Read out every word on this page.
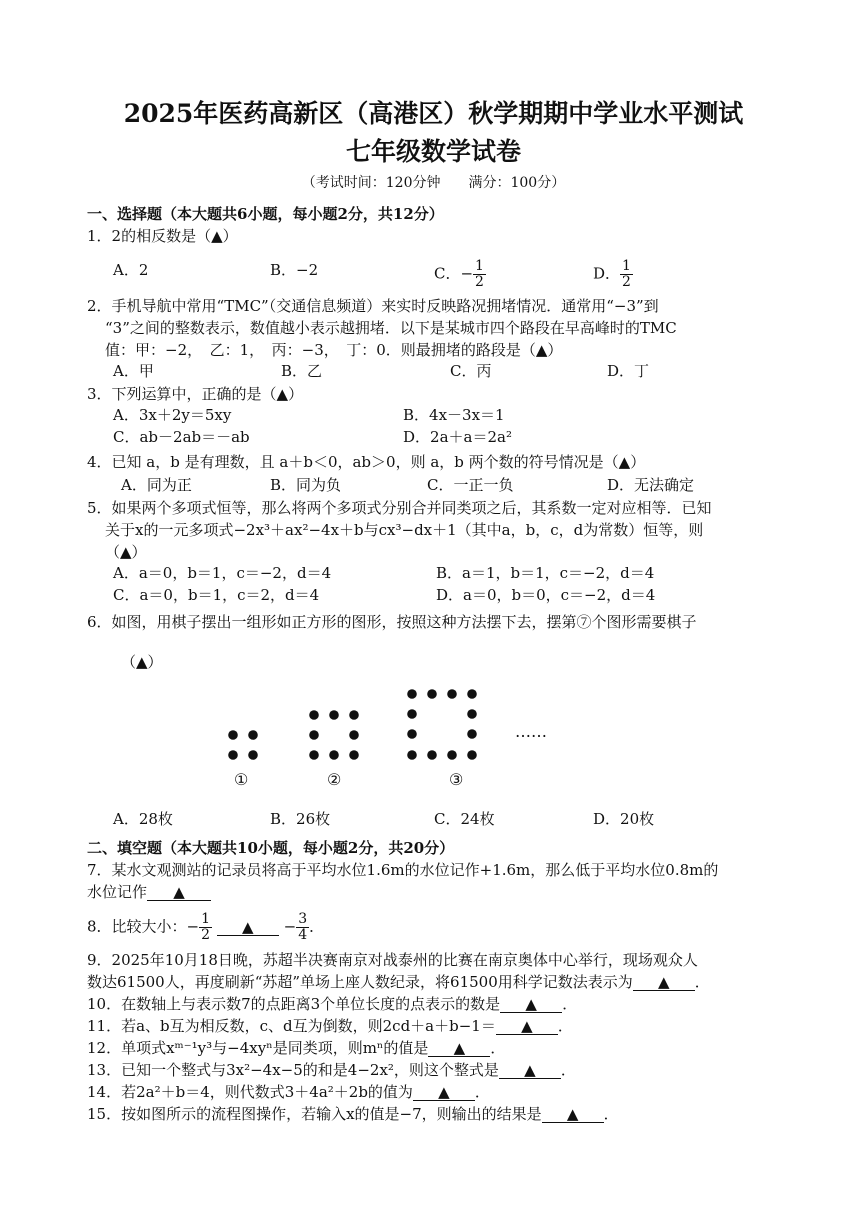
2025年医药高新区（高港区）秋学期期中学业水平测试
七年级数学试卷
（考试时间：120分钟　　满分：100分）
一、选择题（本大题共6小题，每小题2分，共12分）
1．2的相反数是（▲）
A．2	B．−2	C．− $\frac{1}{2}$	D． $\frac{1}{2}$
2．手机导航中常用“TMC”（交通信息频道）来实时反映路况拥堵情况．通常用“−3”到
“3”之间的整数表示，数值越小表示越拥堵．以下是某城市四个路段在早高峰时的TMC
值：甲：−2，　乙：1，　丙：−3，　丁：0．则最拥堵的路段是（▲）
A．甲	B．乙	C．丙	D．丁
3．下列运算中，正确的是（▲）
A．3x＋2y＝5xy	B．4x－3x＝1
C．ab－2ab＝－ab	D．2a＋a＝2a²
4．已知 a，b 是有理数，且 a＋b＜0，ab＞0，则 a，b 两个数的符号情况是（▲）
A．同为正	B．同为负	C．一正一负	D．无法确定
5．如果两个多项式恒等，那么将两个多项式分别合并同类项之后，其系数一定对应相等．已知
关于x的一元多项式−2x³＋ax²−4x＋b与cx³−dx＋1（其中a，b，c，d为常数）恒等，则
（▲）
A．a＝0，b＝1，c＝−2，d＝4	B．a＝1，b＝1，c＝−2，d＝4
C．a＝0，b＝1，c＝2，d＝4	D．a＝0，b＝0，c＝−2，d＝4
6．如图，用棋子摆出一组形如正方形的图形，按照这种方法摆下去，摆第⑦个图形需要棋子
（▲）
……
①	②	③
A．28枚	B．26枚	C．24枚	D．20枚
二、填空题（本大题共10小题，每小题2分，共20分）
7．某水文观测站的记录员将高于平均水位1.6m的水位记作+1.6m，那么低于平均水位0.8m的
水位记作 ▲
8．比较大小：− $\frac{1}{2}$ ▲ − $\frac{3}{4}$ ．
9．2025年10月18日晚，苏超半决赛南京对战泰州的比赛在南京奥体中心举行，现场观众人
数达61500人，再度刷新“苏超”单场上座人数纪录，将61500用科学记数法表示为 ▲ ．
10．在数轴上与表示数7的点距离3个单位长度的点表示的数是 ▲ ．
11．若a、b互为相反数，c、d互为倒数，则2cd＋a＋b−1＝ ▲ ．
12．单项式xᵐ⁻¹y³与−4xyⁿ是同类项，则mⁿ的值是 ▲ ．
13．已知一个整式与3x²−4x−5的和是4−2x²，则这个整式是 ▲ ．
14．若2a²＋b＝4，则代数式3＋4a²＋2b的值为 ▲ ．
15．按如图所示的流程图操作，若输入x的值是−7，则输出的结果是 ▲ ．
